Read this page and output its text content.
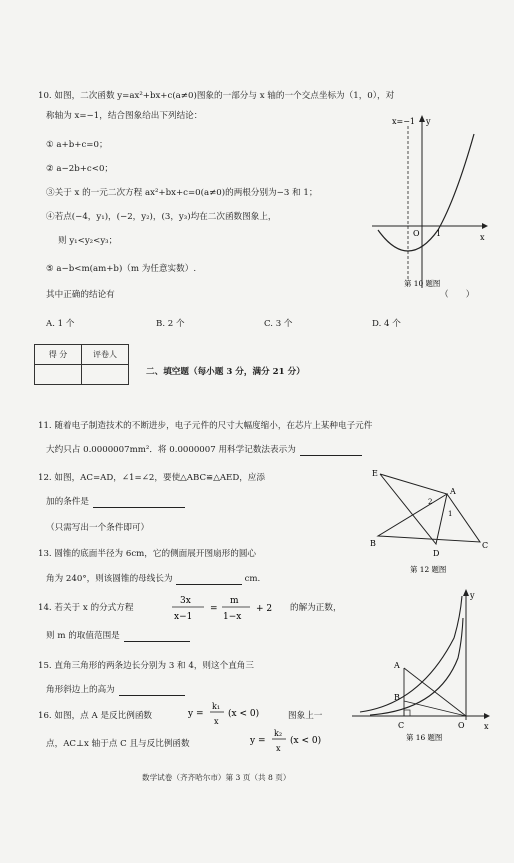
10. 如图，二次函数 y=ax²+bx+c(a≠0)图象的一部分与 x 轴的一个交点坐标为（1，0），对
称轴为 x=−1，结合图象给出下列结论：
① a+b+c=0；
② a−2b+c<0；
③关于 x 的一元二次方程 ax²+bx+c=0(a≠0)的两根分别为−3 和 1；
④若点(−4，y₁)，(−2，y₂)，(3，y₃)均在二次函数图象上，
则 y₁<y₂<y₃；
⑤ a−b<m(am+b)（m 为任意实数）.
其中正确的结论有	（　　）
A. 1 个	B. 2 个	C. 3 个	D. 4 个
x=−1 y
x
O 1
第 10 题图
得 分	评卷人

二、填空题（每小题 3 分，满分 21 分）
11. 随着电子制造技术的不断进步，电子元件的尺寸大幅度缩小，在芯片上某种电子元件
大约只占 0.0000007mm²．将 0.0000007 用科学记数法表示为
12. 如图，AC=AD，∠1=∠2，要使△ABC≌△AED，应添
加的条件是
（只需写出一个条件即可）
E
A
B
D
C
1
2
第 12 题图
13. 圆锥的底面半径为 6cm，它的侧面展开图扇形的圆心
角为 240°，则该圆锥的母线长为	cm.
14. 若关于 x 的分式方程
3x
x−1
=
m
1−x
+ 2 的解为正数，
则 m 的取值范围是
15. 直角三角形的两条边长分别为 3 和 4，则这个直角三
角形斜边上的高为
16. 如图，点 A 是反比例函数	y =
k₁
x
(x < 0)	图象上一
点，AC⊥x 轴于点 C 且与反比例函数	y =
k₂
x
(x < 0)
y
A
B
C	O x
第 16 题图
数学试卷（齐齐哈尔市）第 3 页（共 8 页）
